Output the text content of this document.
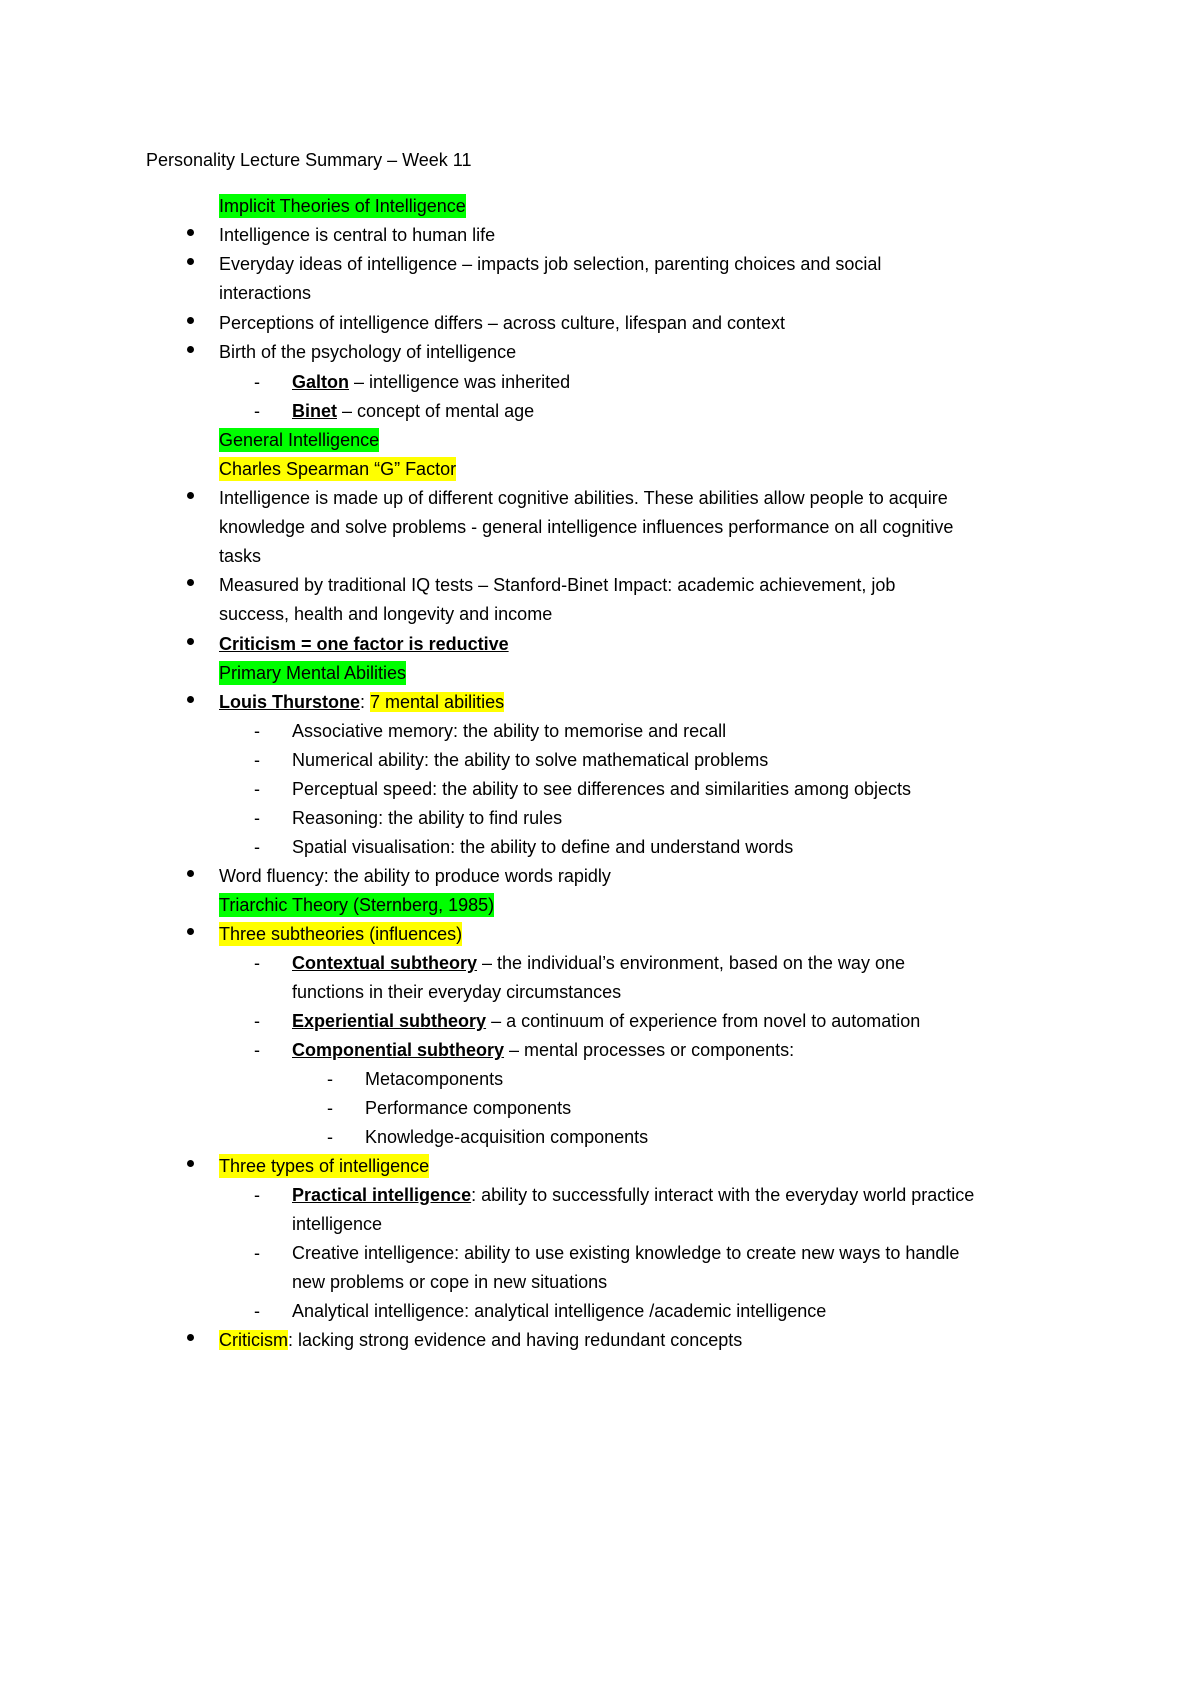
Personality Lecture Summary – Week 11
Implicit Theories of Intelligence
Intelligence is central to human life
Everyday ideas of intelligence – impacts job selection, parenting choices and social
interactions
Perceptions of intelligence differs – across culture, lifespan and context
Birth of the psychology of intelligence
- Galton – intelligence was inherited
- Binet – concept of mental age
General Intelligence
Charles Spearman “G” Factor
Intelligence is made up of different cognitive abilities. These abilities allow people to acquire
knowledge and solve problems - general intelligence influences performance on all cognitive
tasks
Measured by traditional IQ tests – Stanford-Binet Impact: academic achievement, job
success, health and longevity and income
Criticism = one factor is reductive
Primary Mental Abilities
Louis Thurstone: 7 mental abilities
- Associative memory: the ability to memorise and recall
- Numerical ability: the ability to solve mathematical problems
- Perceptual speed: the ability to see differences and similarities among objects
- Reasoning: the ability to find rules
- Spatial visualisation: the ability to define and understand words
Word fluency: the ability to produce words rapidly
Triarchic Theory (Sternberg, 1985)
Three subtheories (influences)
- Contextual subtheory – the individual’s environment, based on the way one
functions in their everyday circumstances
- Experiential subtheory – a continuum of experience from novel to automation
- Componential subtheory – mental processes or components:
- Metacomponents
- Performance components
- Knowledge-acquisition components
Three types of intelligence
- Practical intelligence: ability to successfully interact with the everyday world practice
intelligence
- Creative intelligence: ability to use existing knowledge to create new ways to handle
new problems or cope in new situations
- Analytical intelligence: analytical intelligence /academic intelligence
Criticism: lacking strong evidence and having redundant concepts
